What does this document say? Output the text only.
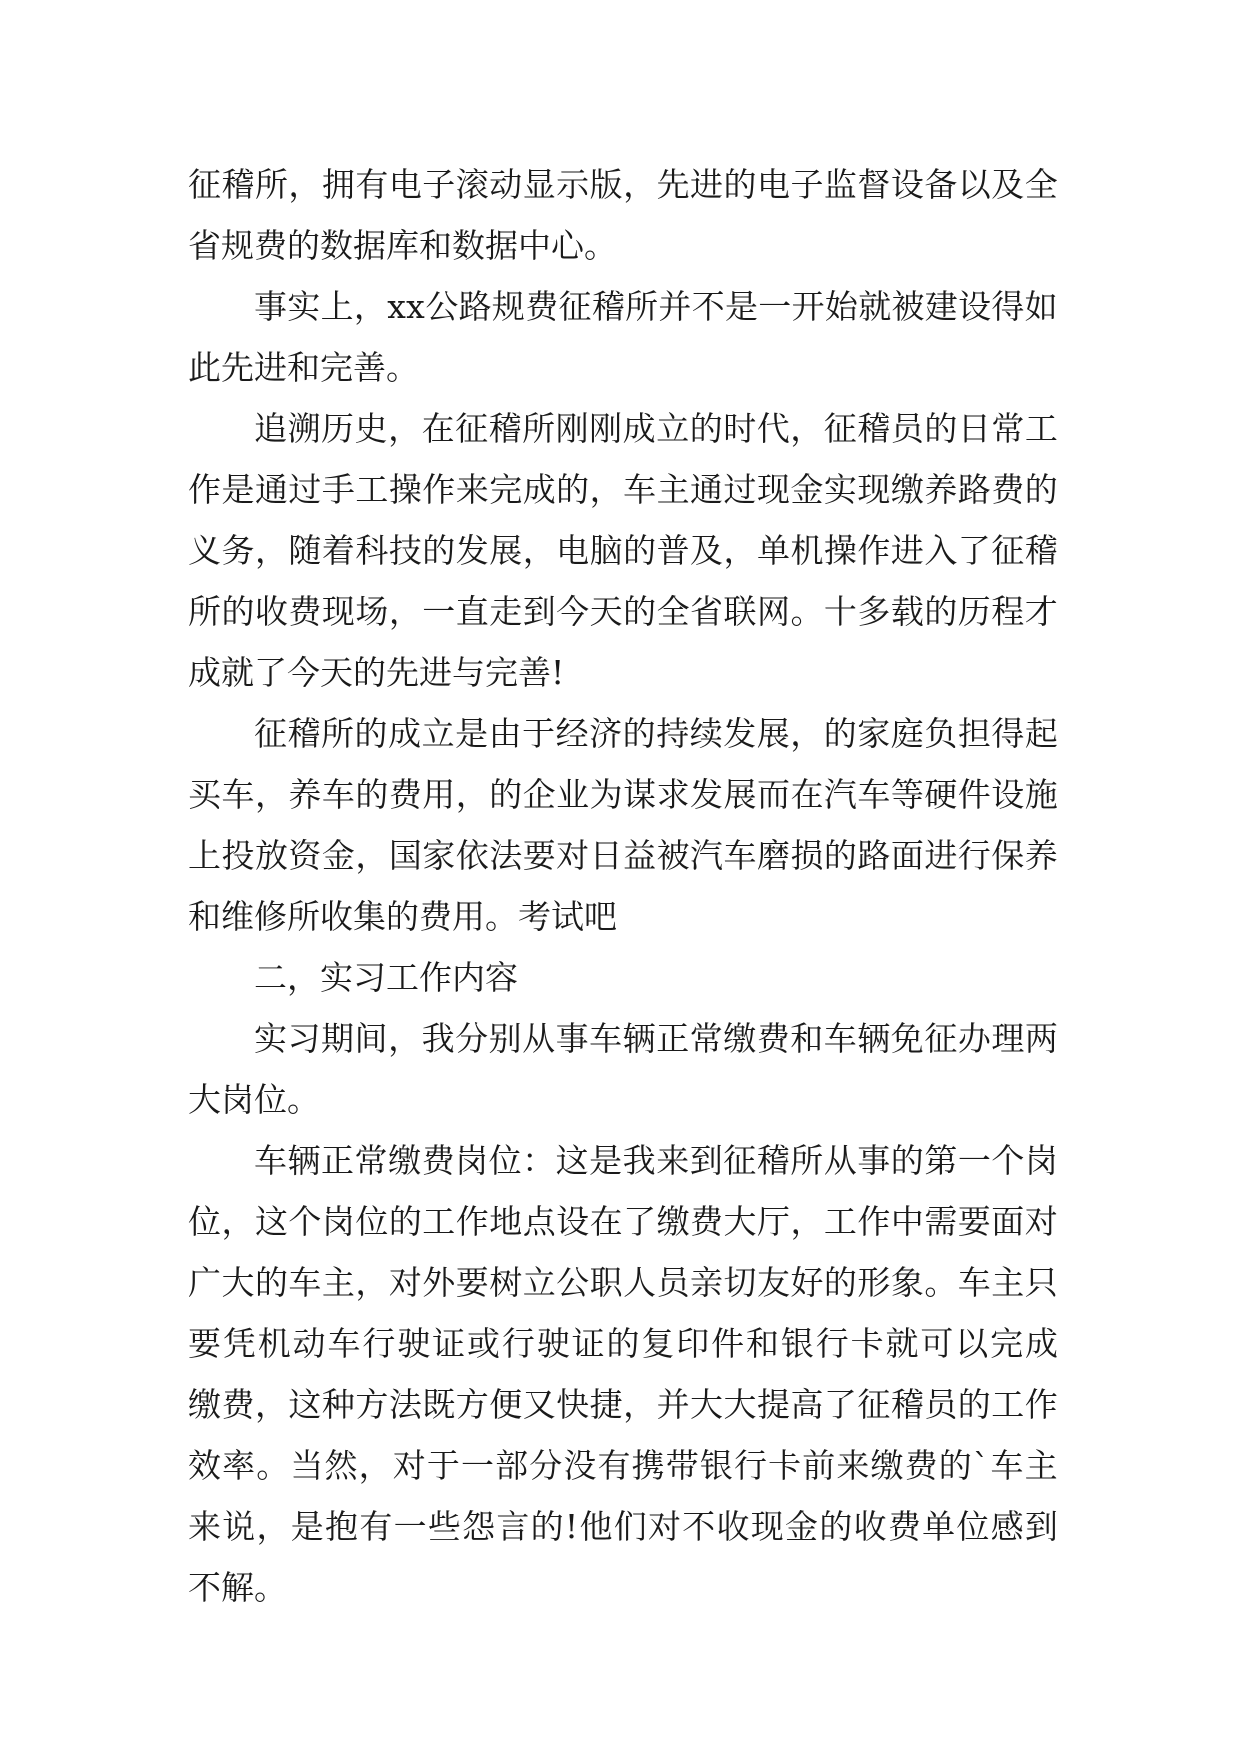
征 稽 所 ， 拥 有 电 子 滚 动 显 示 版 ， 先 进 的 电 子 监 督 设 备 以 及 全
省规费的数据库和数据中心。
事 实 上 ， x x 公 路 规 费 征 稽 所 并 不 是 一 开 始 就 被 建 设 得 如
此先进和完善。
追 溯 历 史 ， 在 征 稽 所 刚 刚 成 立 的 时 代 ， 征 稽 员 的 日 常 工
作 是 通 过 手 工 操 作 来 完 成 的 ， 车 主 通 过 现 金 实 现 缴 养 路 费 的
义 务 ， 随 着 科 技 的 发 展 ， 电 脑 的 普 及 ， 单 机 操 作 进 入 了 征 稽
所 的 收 费 现 场 ， 一 直 走 到 今 天 的 全 省 联 网 。 十 多 载 的 历 程 才
成就了今天的先进与完善!
征 稽 所 的 成 立 是 由 于 经 济 的 持 续 发 展 ， 的 家 庭 负 担 得 起
买 车 ， 养 车 的 费 用 ， 的 企 业 为 谋 求 发 展 而 在 汽 车 等 硬 件 设 施
上 投 放 资 金 ， 国 家 依 法 要 对 日 益 被 汽 车 磨 损 的 路 面 进 行 保 养
和维修所收集的费用。考试吧
二，实习工作内容
实 习 期 间 ， 我 分 别 从 事 车 辆 正 常 缴 费 和 车 辆 免 征 办 理 两
大岗位。
车 辆 正 常 缴 费 岗 位 ： 这 是 我 来 到 征 稽 所 从 事 的 第 一 个 岗
位 ， 这 个 岗 位 的 工 作 地 点 设 在 了 缴 费 大 厅 ， 工 作 中 需 要 面 对
广 大 的 车 主 ， 对 外 要 树 立 公 职 人 员 亲 切 友 好 的 形 象 。 车 主 只
要 凭 机 动 车 行 驶 证 或 行 驶 证 的 复 印 件 和 银 行 卡 就 可 以 完 成
缴 费 ， 这 种 方 法 既 方 便 又 快 捷 ， 并 大 大 提 高 了 征 稽 员 的 工 作
效 率 。 当 然 ， 对 于 一 部 分 没 有 携 带 银 行 卡 前 来 缴 费 的 ` 车 主
来 说 ， 是 抱 有 一 些 怨 言 的 ! 他 们 对 不 收 现 金 的 收 费 单 位 感 到
不解。
